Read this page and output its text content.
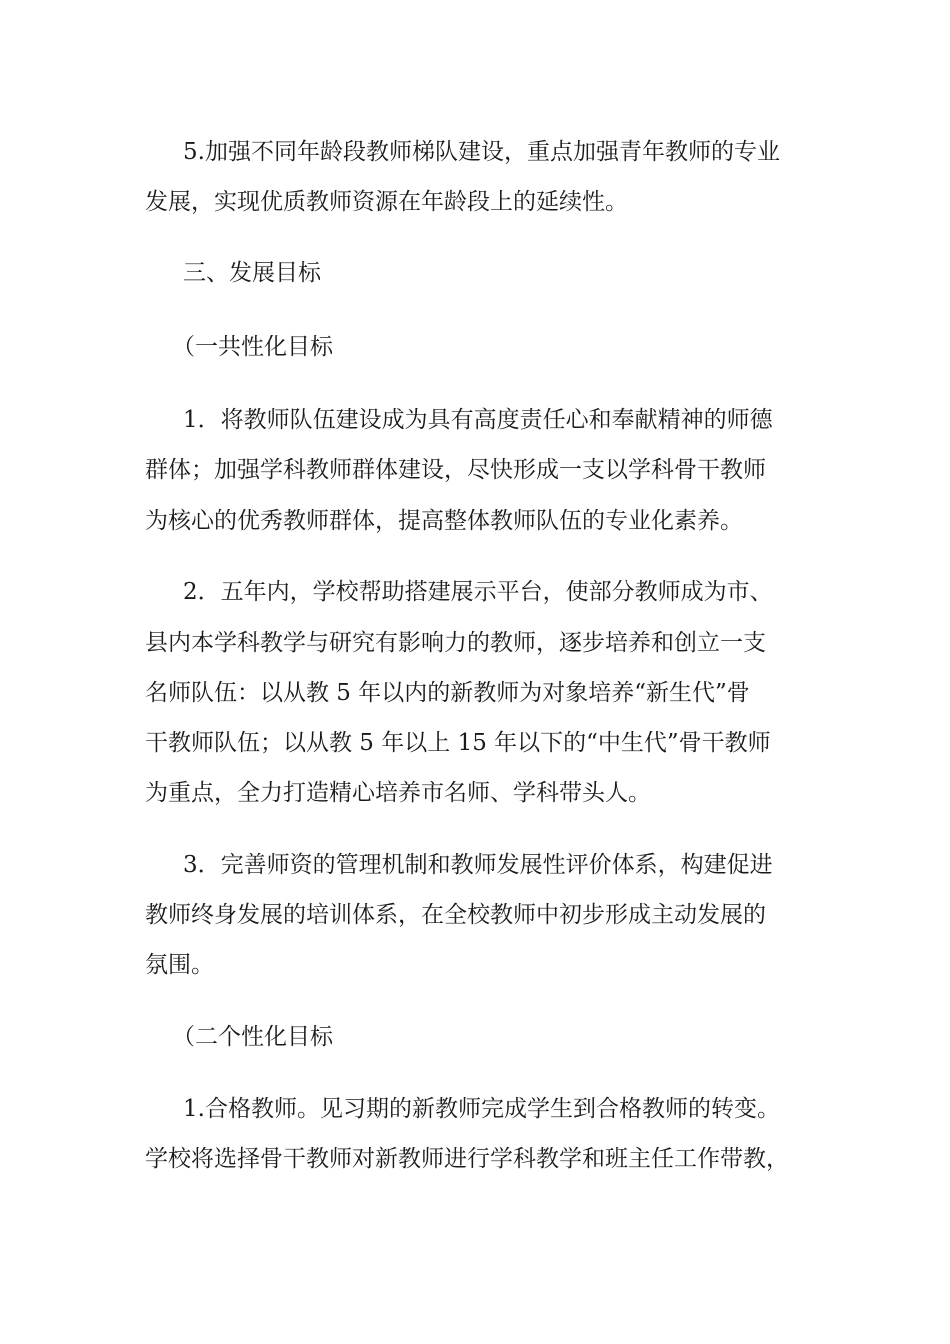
5.加强不同年龄段教师梯队建设，重点加强青年教师的专业
发展，实现优质教师资源在年龄段上的延续性。
三、发展目标
（一共性化目标
1．将教师队伍建设成为具有高度责任心和奉献精神的师德
群体；加强学科教师群体建设，尽快形成一支以学科骨干教师
为核心的优秀教师群体，提高整体教师队伍的专业化素养。
2．五年内，学校帮助搭建展示平台，使部分教师成为市、
县内本学科教学与研究有影响力的教师，逐步培养和创立一支
名师队伍：以从教 5 年以内的新教师为对象培养“新生代”骨
干教师队伍；以从教 5 年以上 15 年以下的“中生代”骨干教师
为重点，全力打造精心培养市名师、学科带头人。
3．完善师资的管理机制和教师发展性评价体系，构建促进
教师终身发展的培训体系，在全校教师中初步形成主动发展的
氛围。
（二个性化目标
1.合格教师。见习期的新教师完成学生到合格教师的转变。
学校将选择骨干教师对新教师进行学科教学和班主任工作带教，
